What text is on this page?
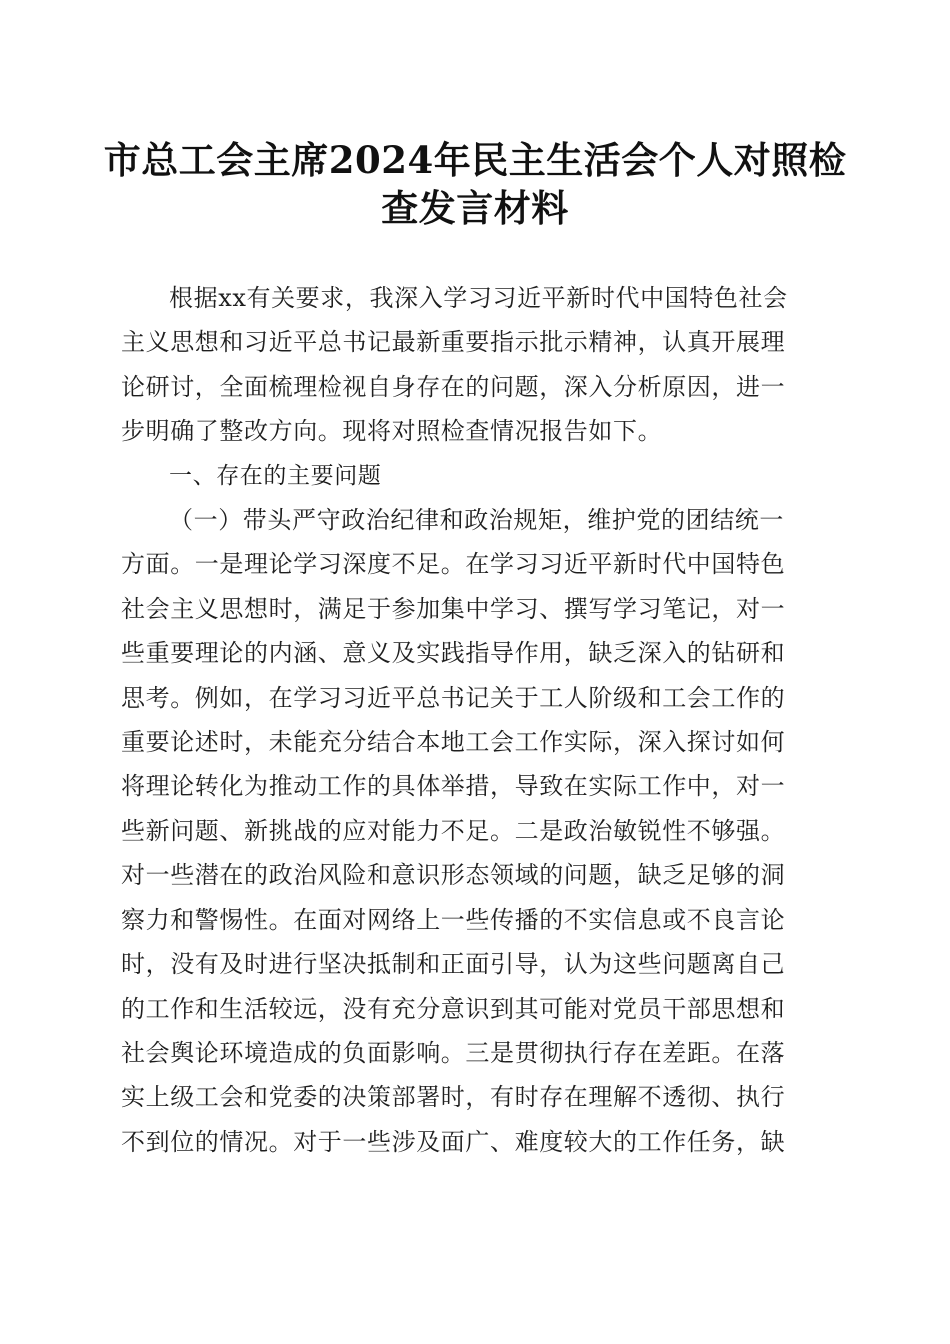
市总工会主席2024年民主生活会个人对照检
查发言材料

根据xx有关要求，我深入学习习近平新时代中国特色社会

主义思想和习近平总书记最新重要指示批示精神，认真开展理

论研讨，全面梳理检视自身存在的问题，深入分析原因，进一

步明确了整改方向。现将对照检查情况报告如下。

一、存在的主要问题

（一）带头严守政治纪律和政治规矩，维护党的团结统一

方面。一是理论学习深度不足。在学习习近平新时代中国特色

社会主义思想时，满足于参加集中学习、撰写学习笔记，对一

些重要理论的内涵、意义及实践指导作用，缺乏深入的钻研和

思考。例如，在学习习近平总书记关于工人阶级和工会工作的

重要论述时，未能充分结合本地工会工作实际，深入探讨如何

将理论转化为推动工作的具体举措，导致在实际工作中，对一

些新问题、新挑战的应对能力不足。二是政治敏锐性不够强。

对一些潜在的政治风险和意识形态领域的问题，缺乏足够的洞

察力和警惕性。在面对网络上一些传播的不实信息或不良言论

时，没有及时进行坚决抵制和正面引导，认为这些问题离自己

的工作和生活较远，没有充分意识到其可能对党员干部思想和

社会舆论环境造成的负面影响。三是贯彻执行存在差距。在落

实上级工会和党委的决策部署时，有时存在理解不透彻、执行

不到位的情况。对于一些涉及面广、难度较大的工作任务，缺
